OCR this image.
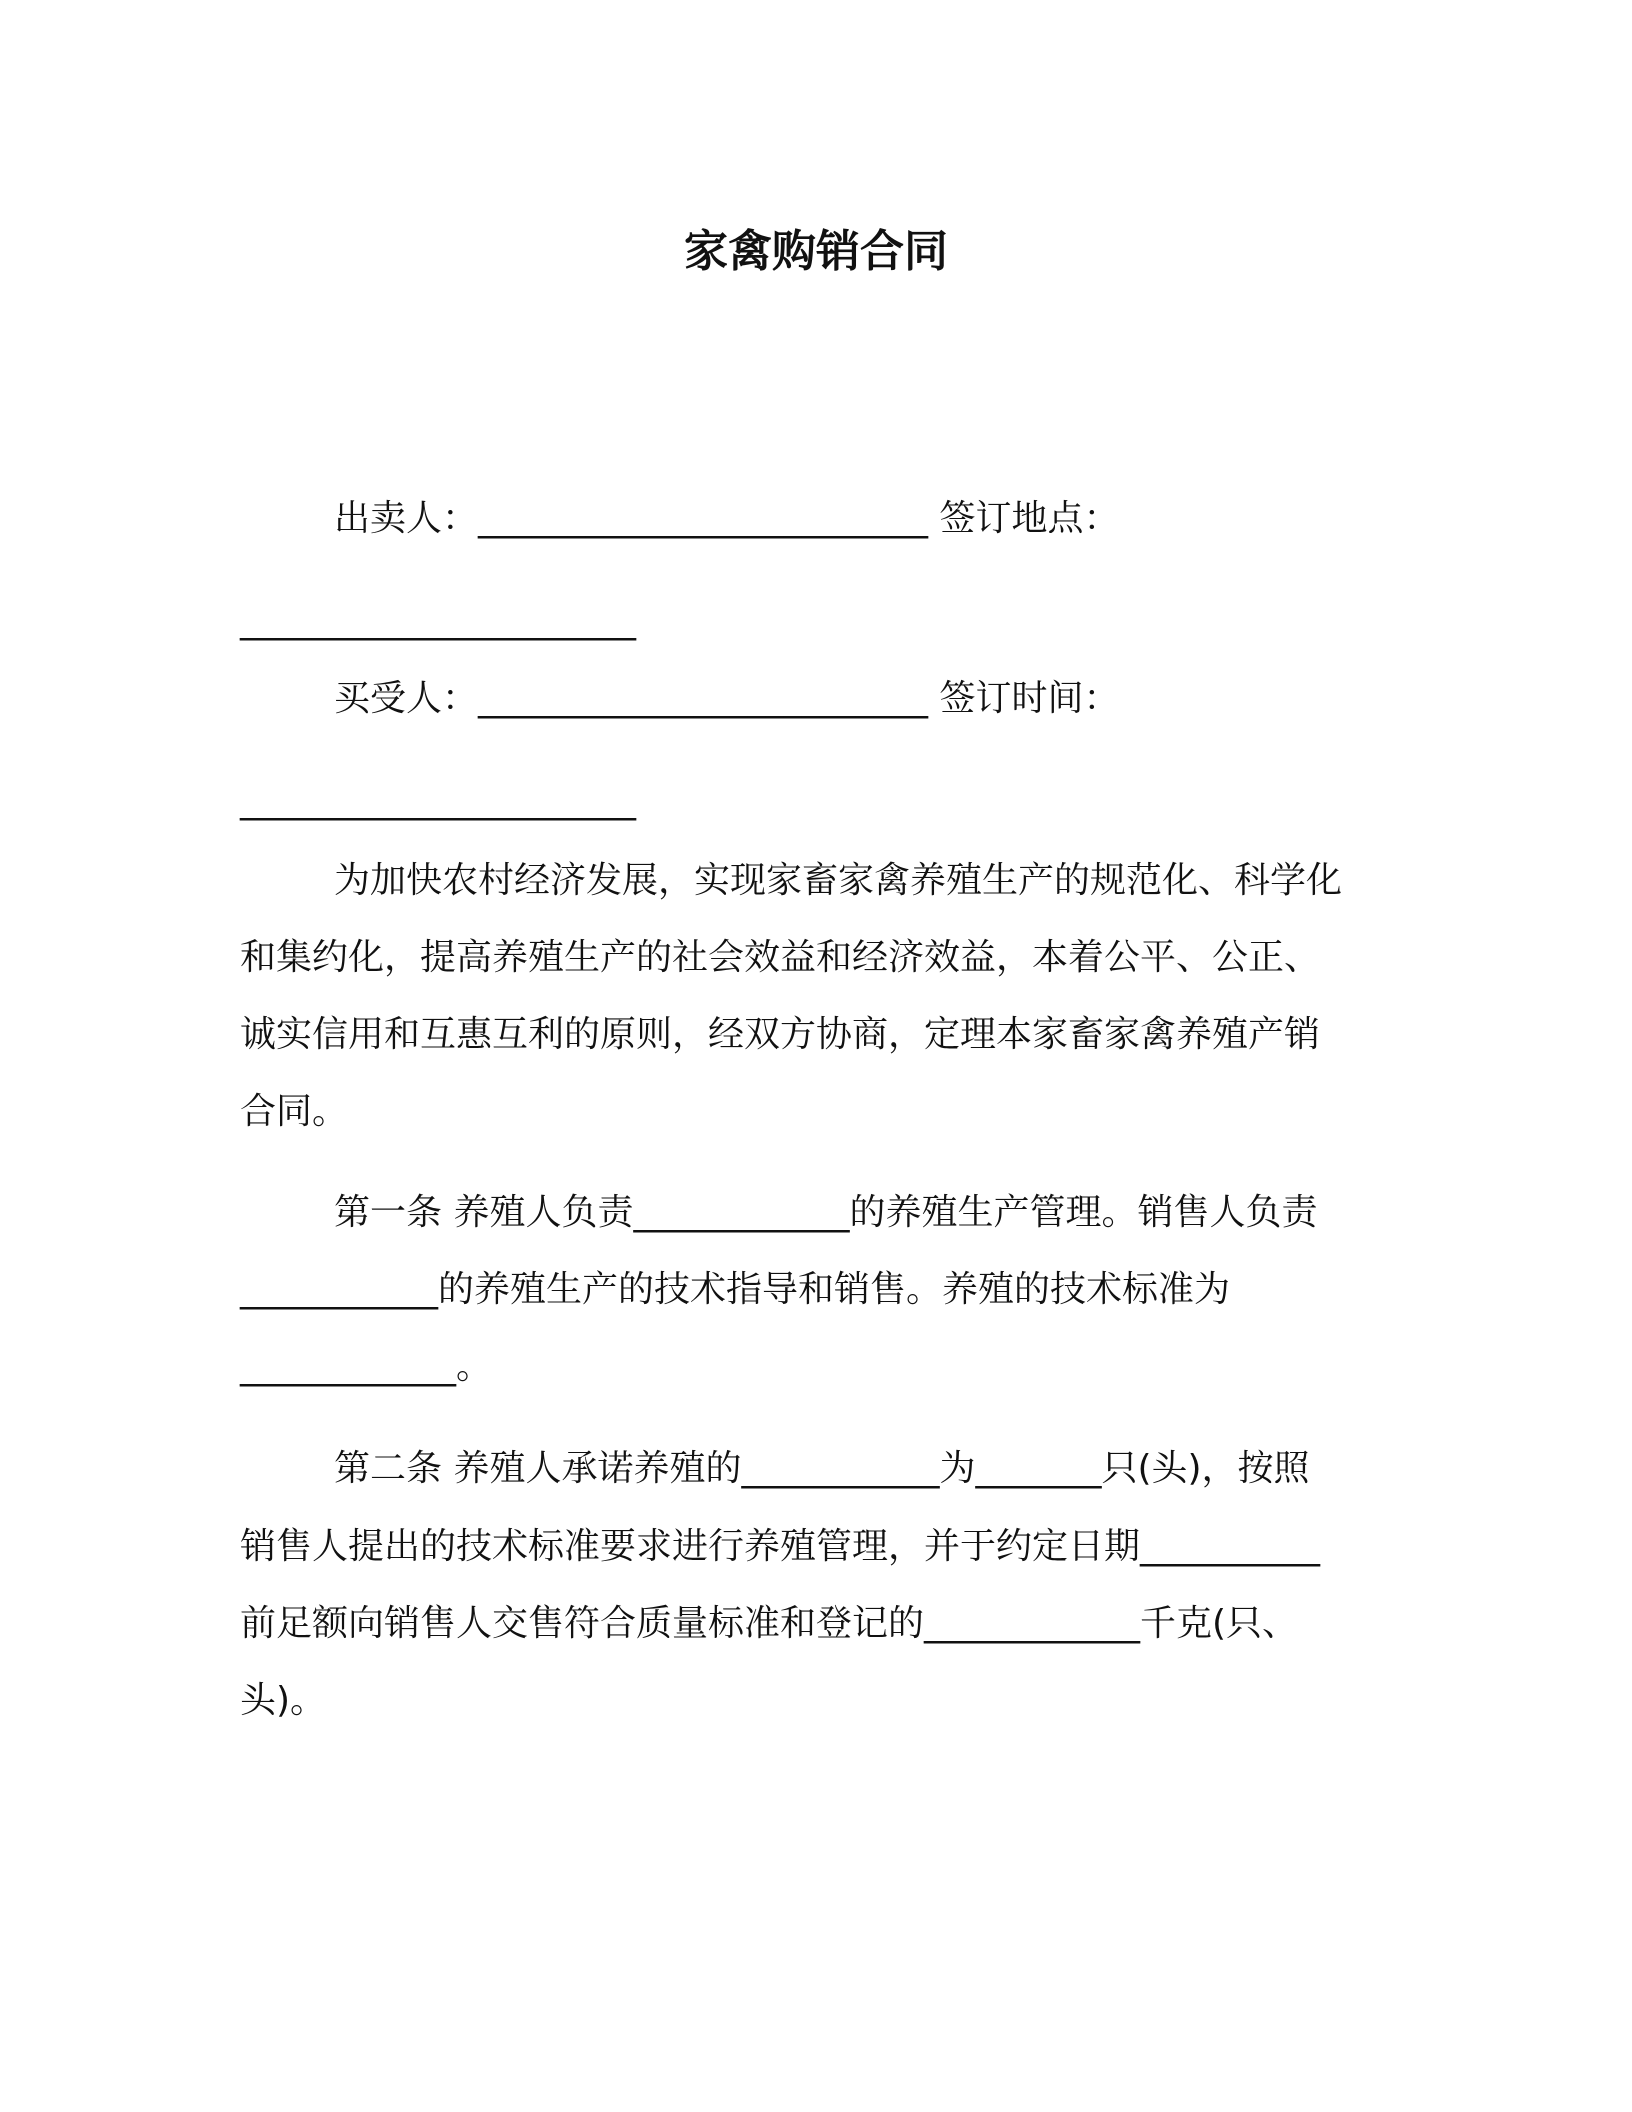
家禽购销合同
出卖人：_________________________ 签订地点：
______________________
买受人：_________________________ 签订时间：
______________________
为加快农村经济发展，实现家畜家禽养殖生产的规范化、科学化
和集约化，提高养殖生产的社会效益和经济效益，本着公平、公正、
诚实信用和互惠互利的原则，经双方协商，定理本家畜家禽养殖产销
合同。
第一条 养殖人负责____________的养殖生产管理。销售人负责
___________的养殖生产的技术指导和销售。养殖的技术标准为
____________。
第二条 养殖人承诺养殖的___________为_______只(头)，按照
销售人提出的技术标准要求进行养殖管理，并于约定日期__________
前足额向销售人交售符合质量标准和登记的____________千克(只、
头)。
